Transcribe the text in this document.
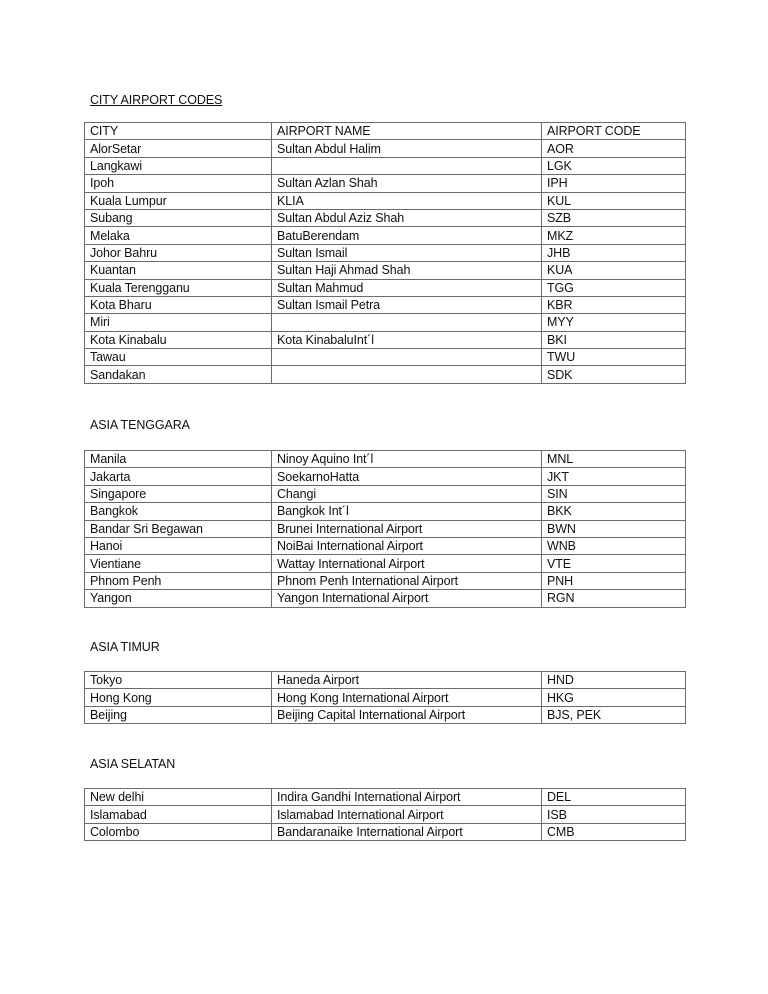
CITY AIRPORT CODES
CITY	AIRPORT NAME	AIRPORT CODE
AlorSetar	Sultan Abdul Halim	AOR
Langkawi		LGK
Ipoh	Sultan Azlan Shah	IPH
Kuala Lumpur	KLIA	KUL
Subang	Sultan Abdul Aziz Shah	SZB
Melaka	BatuBerendam	MKZ
Johor Bahru	Sultan Ismail	JHB
Kuantan	Sultan Haji Ahmad Shah	KUA
Kuala Terengganu	Sultan Mahmud	TGG
Kota Bharu	Sultan Ismail Petra	KBR
Miri		MYY
Kota Kinabalu	Kota KinabaluInt´l	BKI
Tawau		TWU
Sandakan		SDK
ASIA TENGGARA
Manila	Ninoy Aquino Int´l	MNL
Jakarta	SoekarnoHatta	JKT
Singapore	Changi	SIN
Bangkok	Bangkok Int´l	BKK
Bandar Sri Begawan	Brunei International Airport	BWN
Hanoi	NoiBai International Airport	WNB
Vientiane	Wattay International Airport	VTE
Phnom Penh	Phnom Penh International Airport	PNH
Yangon	Yangon International Airport	RGN
ASIA TIMUR
Tokyo	Haneda Airport	HND
Hong Kong	Hong Kong International Airport	HKG
Beijing	Beijing Capital International Airport	BJS, PEK
ASIA SELATAN
New delhi	Indira Gandhi International Airport	DEL
Islamabad	Islamabad International Airport	ISB
Colombo	Bandaranaike International Airport	CMB
